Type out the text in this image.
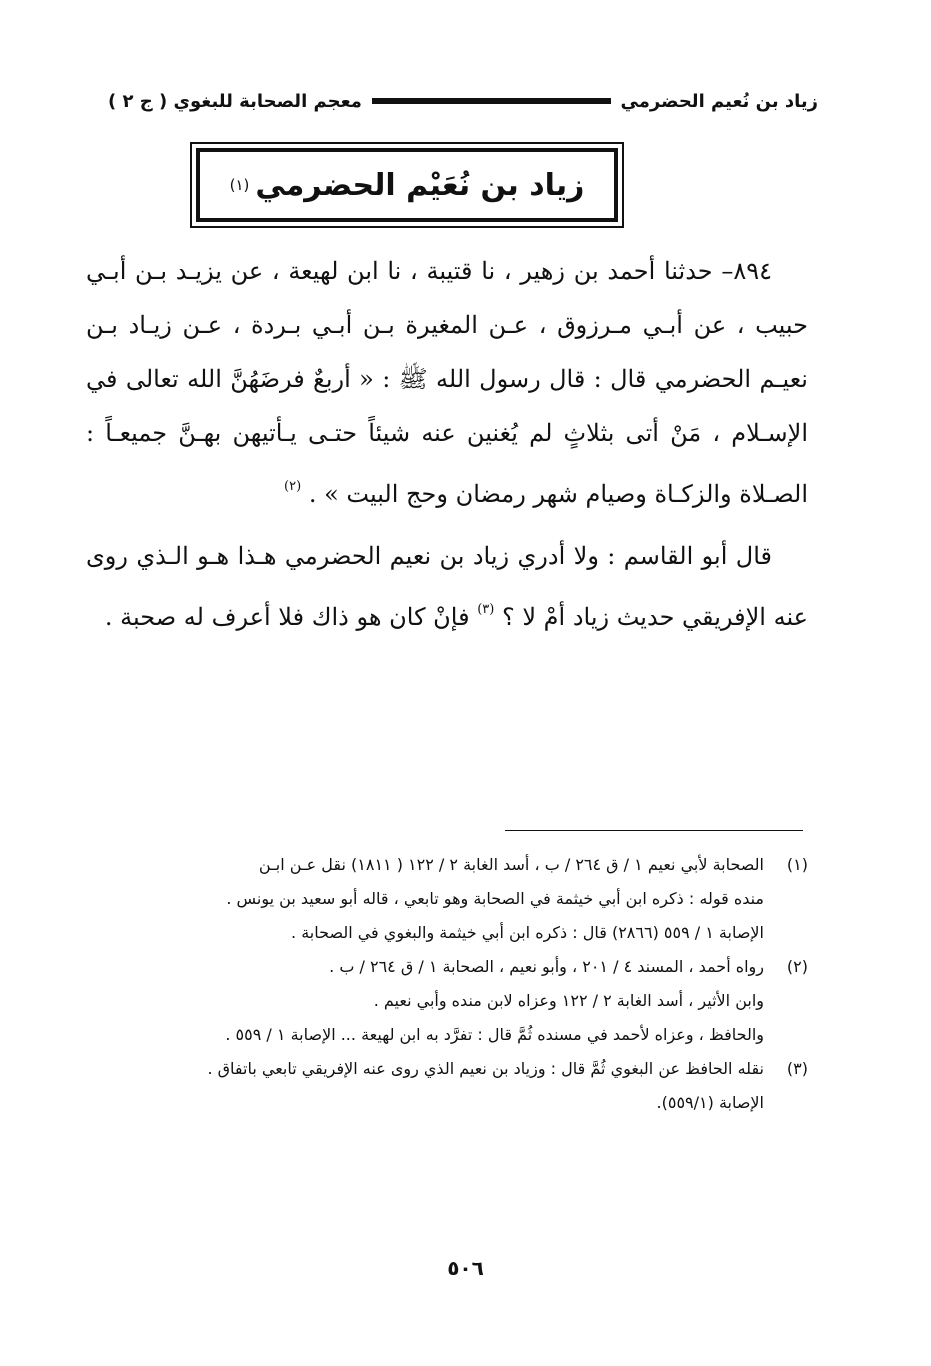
زياد بن نُعيم الحضرمي
معجم الصحابة للبغوي ( ج ٢ )
زياد بن نُعَيْم الحضرمي
(١)

٨٩٤– حدثنا أحمد بن زهير ، نا قتيبة ، نا ابن لهيعة ، عن يزيـد بـن أبـي حبيب ، عن أبـي مـرزوق ، عـن المغيرة بـن أبـي بـردة ، عـن زيـاد بـن نعيـم الحضرمي قال : قال رسول الله ﷺ : « أربعٌ فرضَهُنَّ الله تعالى في الإسـلام ، مَنْ أتى بثلاثٍ لم يُغنين عنه شيئاً حتـى يـأتيهن بهـنَّ جميعـاً : الصـلاة والزكـاة وصيام شهر رمضان وحج البيت » . $^{(٢)}$

قال أبو القاسم : ولا أدري زياد بن نعيم الحضرمي هـذا هـو الـذي روى عنه الإفريقي حديث زياد أمْ لا ؟ $^{(٣)}$ فإنْ كان هو ذاك فلا أعرف له صحبة .

(١)
الصحابة لأبي نعيم ١ / ق ٢٦٤ / ب ، أسد الغابة ٢ / ١٢٢ ( ١٨١١) نقل عـن ابـن
منده قوله : ذكره ابن أبي خيثمة في الصحابة وهو تابعي ، قاله أبو سعيد بن يونس .
الإصابة ١ / ٥٥٩ (٢٨٦٦) قال : ذكره ابن أبي خيثمة والبغوي في الصحابة .
(٢)
رواه أحمد ، المسند ٤ / ٢٠١ ، وأبو نعيم ، الصحابة ١ / ق ٢٦٤ / ب .
وابن الأثير ، أسد الغابة ٢ / ١٢٢ وعزاه لابن منده وأبي نعيم .
والحافظ ، وعزاه لأحمد في مسنده ثُمَّ قال : تفرَّد به ابن لهيعة ... الإصابة ١ / ٥٥٩ .
(٣)
نقله الحافظ عن البغوي ثُمَّ قال : وزياد بن نعيم الذي روى عنه الإفريقي تابعي باتفاق .
الإصابة (٥٥٩/١).
٥٠٦
